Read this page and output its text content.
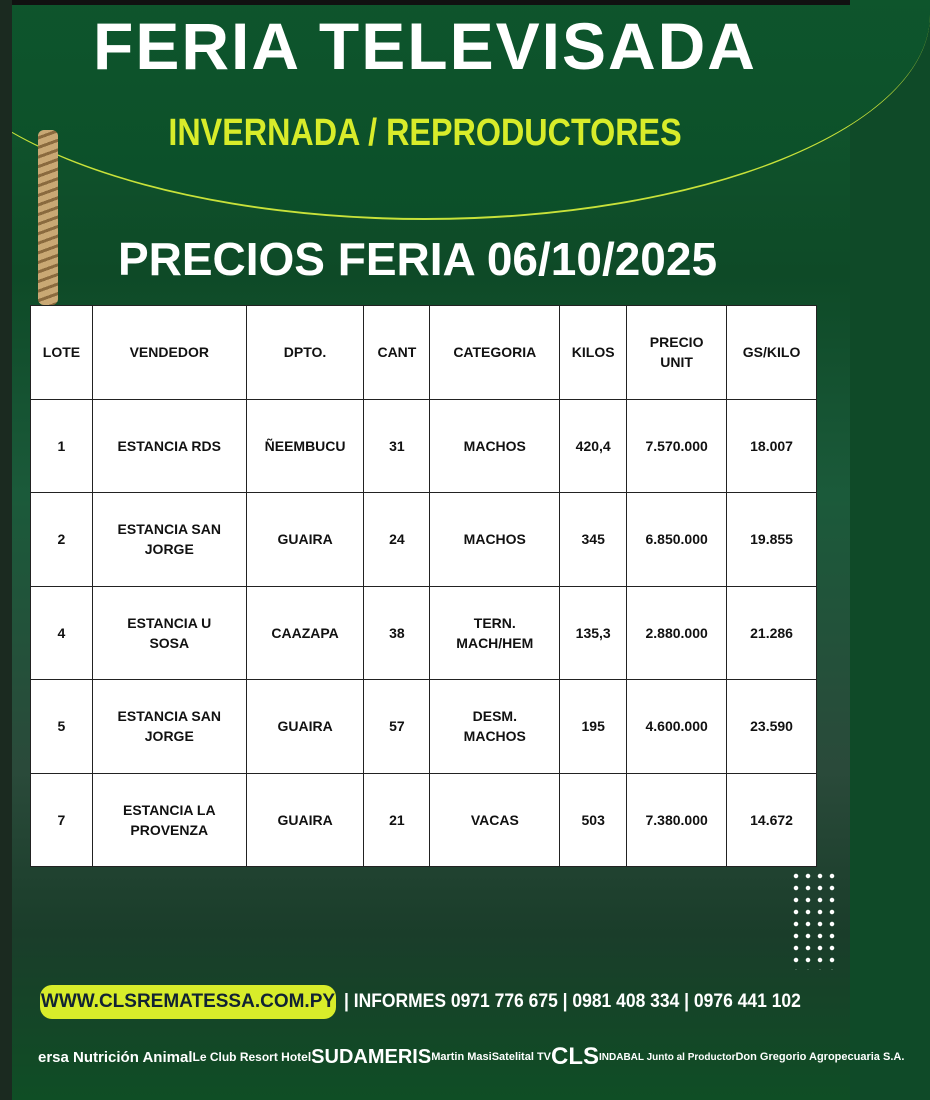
FERIA TELEVISADA
INVERNADA / REPRODUCTORES
PRECIOS FERIA 06/10/2025
LOTE	VENDEDOR	DPTO.	CANT	CATEGORIA	KILOS	PRECIO UNIT	GS/KILO
1	ESTANCIA RDS	ÑEEMBUCU	31	MACHOS	420,4	7.570.000	18.007
2	ESTANCIA SAN JORGE	GUAIRA	24	MACHOS	345	6.850.000	19.855
4	ESTANCIA U SOSA	CAAZAPA	38	TERN. MACH/HEM	135,3	2.880.000	21.286
5	ESTANCIA SAN JORGE	GUAIRA	57	DESM. MACHOS	195	4.600.000	23.590
7	ESTANCIA LA PROVENZA	GUAIRA	21	VACAS	503	7.380.000	14.672
WWW.CLSREMATESSA.COM.PY | INFORMES 0971 776 675 | 0981 408 334 | 0976 441 102
ersa Nutrición Animal Le Club Resort Hotel SUDAMERIS Martin Masi Satelital TV CLS INDABAL Junto al Productor Don Gregorio Agropecuaria S.A.
